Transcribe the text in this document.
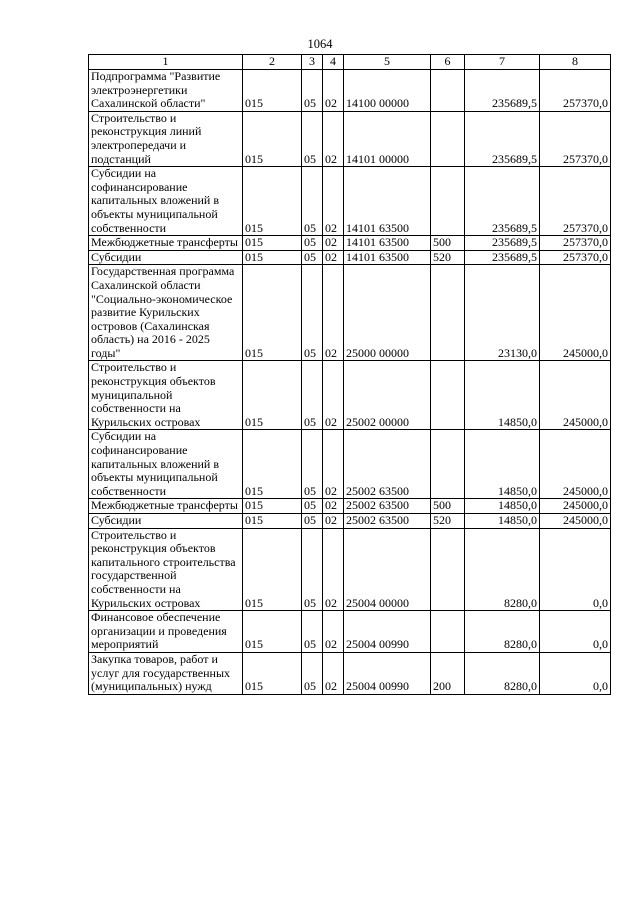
1064
1	2	3	4	5	6	7	8
Подпрограмма "Развитие электроэнергетики Сахалинской области"	015	05	02	14100 00000		235689,5	257370,0
Строительство и реконструкция линий электропередачи и подстанций	015	05	02	14101 00000		235689,5	257370,0
Субсидии на софинансирование капитальных вложений в объекты муниципальной собственности	015	05	02	14101 63500		235689,5	257370,0
Межбюджетные трансферты	015	05	02	14101 63500	500	235689,5	257370,0
Субсидии	015	05	02	14101 63500	520	235689,5	257370,0
Государственная программа Сахалинской области "Социально-экономическое развитие Курильских островов (Сахалинская область) на 2016 - 2025 годы"	015	05	02	25000 00000		23130,0	245000,0
Строительство и реконструкция объектов муниципальной собственности на Курильских островах	015	05	02	25002 00000		14850,0	245000,0
Субсидии на софинансирование капитальных вложений в объекты муниципальной собственности	015	05	02	25002 63500		14850,0	245000,0
Межбюджетные трансферты	015	05	02	25002 63500	500	14850,0	245000,0
Субсидии	015	05	02	25002 63500	520	14850,0	245000,0
Строительство и реконструкция объектов капитального строительства государственной собственности на Курильских островах	015	05	02	25004 00000		8280,0	0,0
Финансовое обеспечение организации и проведения мероприятий	015	05	02	25004 00990		8280,0	0,0
Закупка товаров, работ и услуг для государственных (муниципальных) нужд	015	05	02	25004 00990	200	8280,0	0,0
